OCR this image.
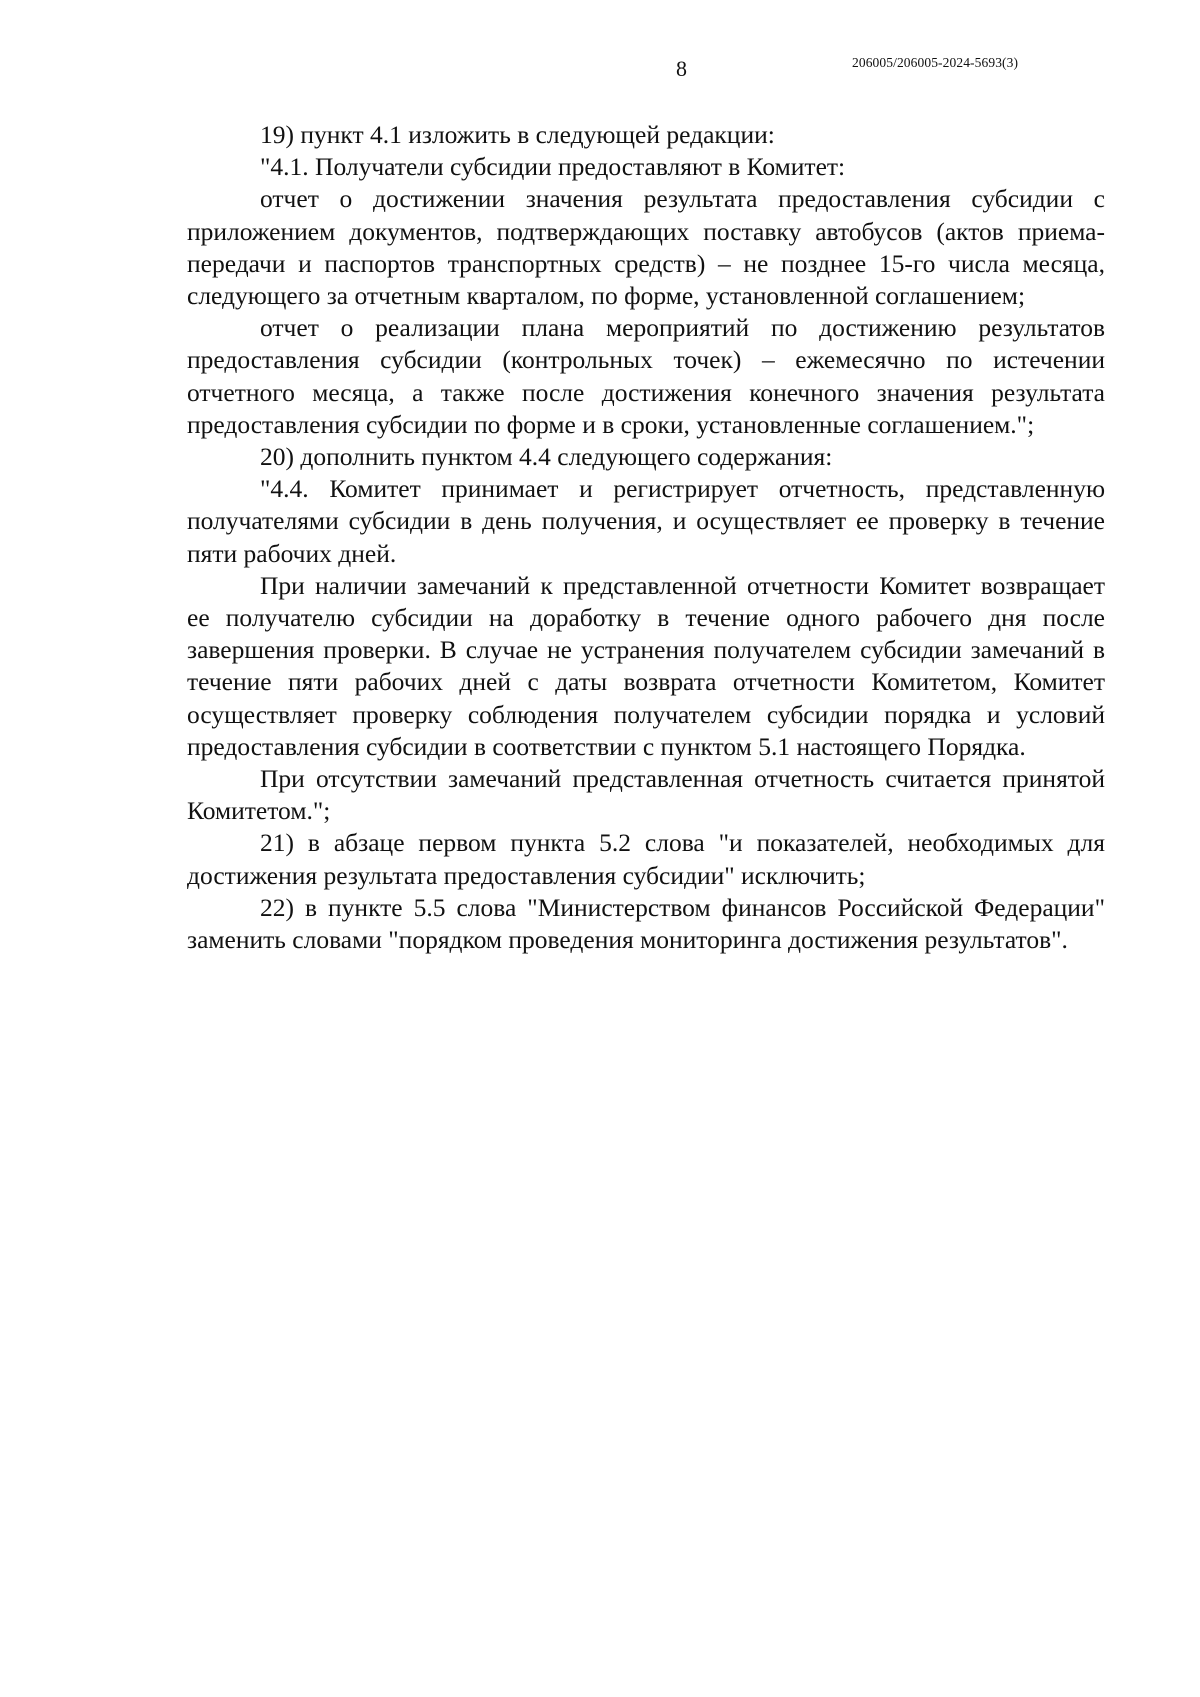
8	206005/206005-2024-5693(3)

19) пункт 4.1 изложить в следующей редакции:

"4.1. Получатели субсидии предоставляют в Комитет:

отчет о достижении значения результата предоставления субсидии с приложением документов, подтверждающих поставку автобусов (актов приема-передачи и паспортов транспортных средств) – не позднее 15-го числа месяца, следующего за отчетным кварталом, по форме, установленной соглашением;

отчет о реализации плана мероприятий по достижению результатов предоставления субсидии (контрольных точек) – ежемесячно по истечении отчетного месяца, а также после достижения конечного значения результата предоставления субсидии по форме и в сроки, установленные соглашением.";

20) дополнить пунктом 4.4 следующего содержания:

"4.4. Комитет принимает и регистрирует отчетность, представленную получателями субсидии в день получения, и осуществляет ее проверку в течение пяти рабочих дней.

При наличии замечаний к представленной отчетности Комитет возвращает ее получателю субсидии на доработку в течение одного рабочего дня после завершения проверки. В случае не устранения получателем субсидии замечаний в течение пяти рабочих дней с даты возврата отчетности Комитетом, Комитет осуществляет проверку соблюдения получателем субсидии порядка и условий предоставления субсидии в соответствии с пунктом 5.1 настоящего Порядка.

При отсутствии замечаний представленная отчетность считается принятой Комитетом.";

21) в абзаце первом пункта 5.2 слова "и показателей, необходимых для достижения результата предоставления субсидии" исключить;

22) в пункте 5.5 слова "Министерством финансов Российской Федерации" заменить словами "порядком проведения мониторинга достижения результатов".
